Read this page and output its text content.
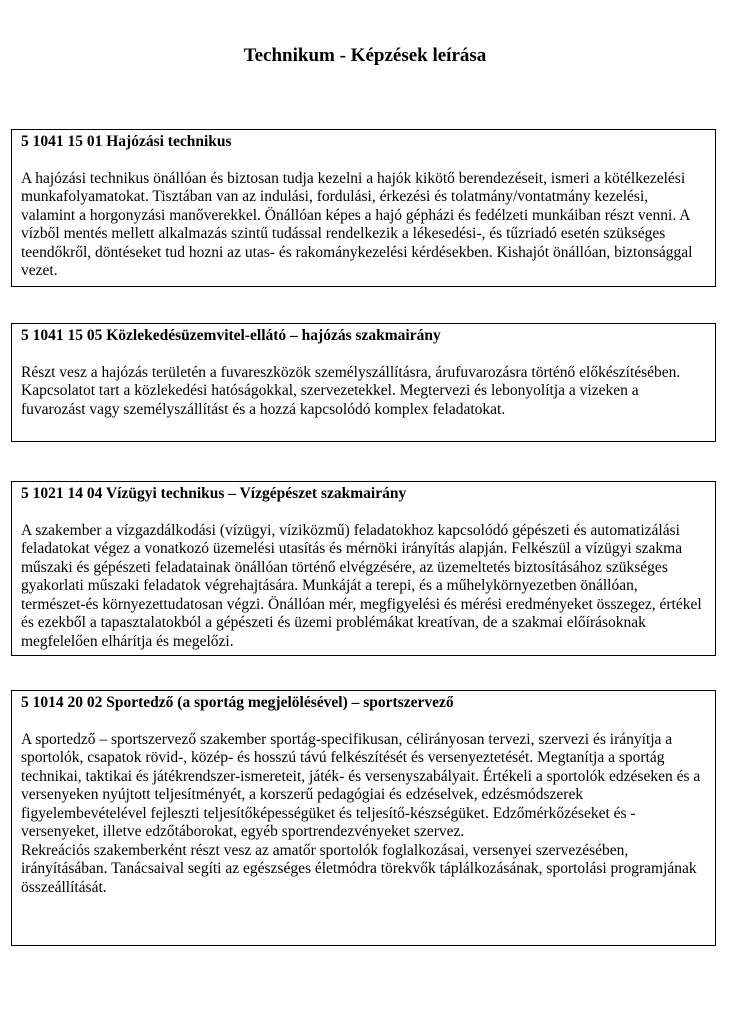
Technikum - Képzések leírása

5 1041 15 01 Hajózási technikus

A hajózási technikus önállóan és biztosan tudja kezelni a hajók kikötő berendezéseit, ismeri a kötélkezelési munkafolyamatokat. Tisztában van az indulási, fordulási, érkezési és tolatmány/vontatmány kezelési, valamint a horgonyzási manőverekkel. Önállóan képes a hajó gépházi és fedélzeti munkáiban részt venni. A vízből mentés mellett alkalmazás szintű tudással rendelkezik a lékesedési-, és tűzriadó esetén szükséges teendőkről, döntéseket tud hozni az utas- és rakománykezelési kérdésekben. Kishajót önállóan, biztonsággal vezet.

5 1041 15 05 Közlekedésüzemvitel-ellátó – hajózás szakmairány

Részt vesz a hajózás területén a fuvareszközök személyszállításra, árufuvarozásra történő előkészítésében. Kapcsolatot tart a közlekedési hatóságokkal, szervezetekkel. Megtervezi és lebonyolítja a vizeken a fuvarozást vagy személyszállítást és a hozzá kapcsolódó komplex feladatokat.

5 1021 14 04 Vízügyi technikus – Vízgépészet szakmairány

A szakember a vízgazdálkodási (vízügyi, víziközmű) feladatokhoz kapcsolódó gépészeti és automatizálási feladatokat végez a vonatkozó üzemelési utasítás és mérnöki irányítás alapján. Felkészül a vízügyi szakma műszaki és gépészeti feladatainak önállóan történő elvégzésére, az üzemeltetés biztosításához szükséges gyakorlati műszaki feladatok végrehajtására. Munkáját a terepi, és a műhelykörnyezetben önállóan, természet-és környezettudatosan végzi. Önállóan mér, megfigyelési és mérési eredményeket összegez, értékel és ezekből a tapasztalatokból a gépészeti és üzemi problémákat kreatívan, de a szakmai előírásoknak megfelelően elhárítja és megelőzi.

5 1014 20 02 Sportedző (a sportág megjelölésével) – sportszervező

A sportedző – sportszervező szakember sportág-specifikusan, célirányosan tervezi, szervezi és irányítja a sportolók, csapatok rövid-, közép- és hosszú távú felkészítését és versenyeztetését. Megtanítja a sportág technikai, taktikai és játékrendszer-ismereteit, játék- és versenyszabályait. Értékeli a sportolók edzéseken és a versenyeken nyújtott teljesítményét, a korszerű pedagógiai és edzéselvek, edzésmódszerek figyelembevételével fejleszti teljesítőképességüket és teljesítő-készségüket. Edzőmérkőzéseket és -versenyeket, illetve edzőtáborokat, egyéb sportrendezvényeket szervez.

Rekreációs szakemberként részt vesz az amatőr sportolók foglalkozásai, versenyei szervezésében, irányításában. Tanácsaival segíti az egészséges életmódra törekvők táplálkozásának, sportolási programjának összeállítását.
